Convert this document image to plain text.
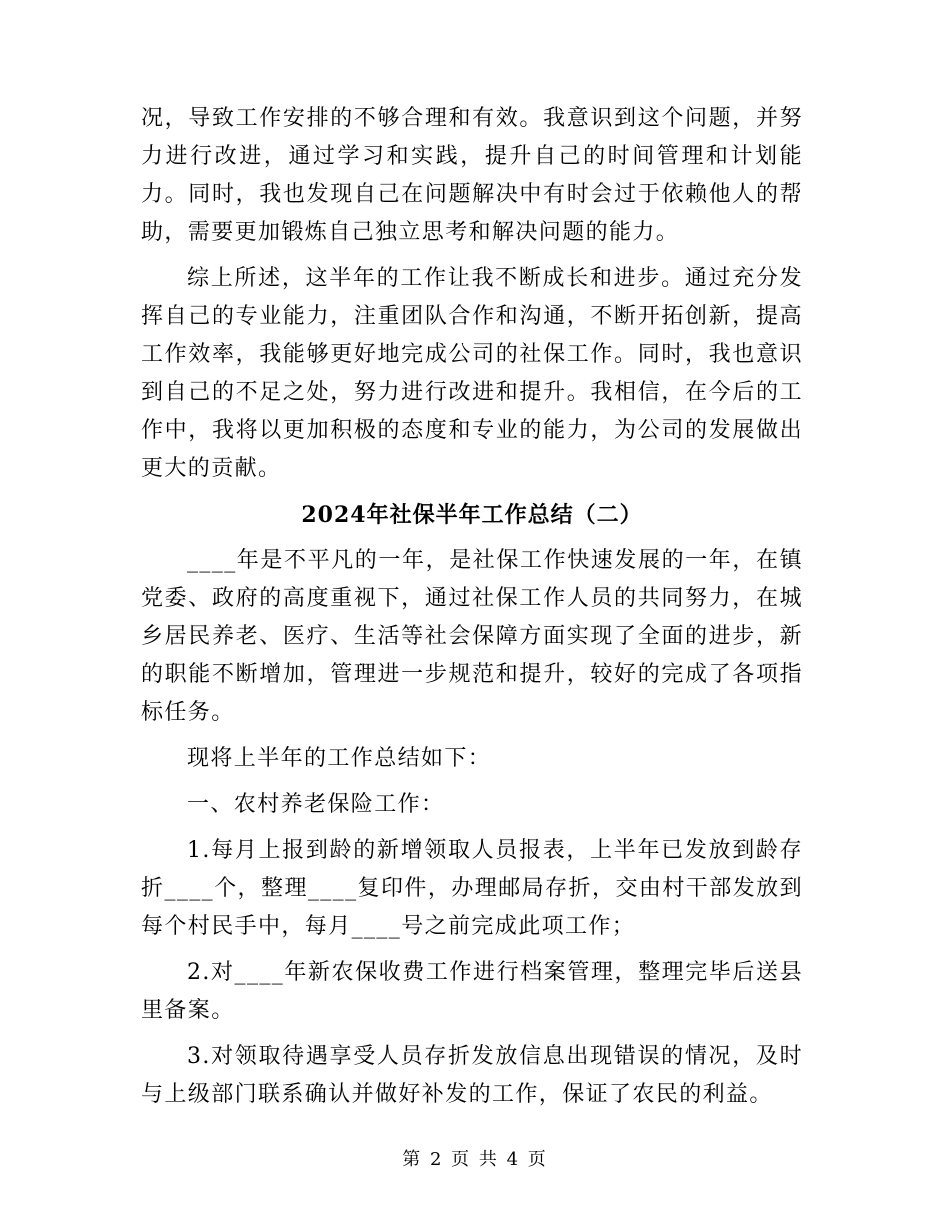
况，导致工作安排的不够合理和有效。我意识到这个问题，并努力进行改进，通过学习和实践，提升自己的时间管理和计划能力。同时，我也发现自己在问题解决中有时会过于依赖他人的帮助，需要更加锻炼自己独立思考和解决问题的能力。

综上所述，这半年的工作让我不断成长和进步。通过充分发挥自己的专业能力，注重团队合作和沟通，不断开拓创新，提高工作效率，我能够更好地完成公司的社保工作。同时，我也意识到自己的不足之处，努力进行改进和提升。我相信，在今后的工作中，我将以更加积极的态度和专业的能力，为公司的发展做出更大的贡献。

2024年社保半年工作总结（二）

____年是不平凡的一年，是社保工作快速发展的一年，在镇党委、政府的高度重视下，通过社保工作人员的共同努力，在城乡居民养老、医疗、生活等社会保障方面实现了全面的进步，新的职能不断增加，管理进一步规范和提升，较好的完成了各项指标任务。

现将上半年的工作总结如下：

一、农村养老保险工作：

1.每月上报到龄的新增领取人员报表，上半年已发放到龄存折____个，整理____复印件，办理邮局存折，交由村干部发放到每个村民手中，每月____号之前完成此项工作；

2.对____年新农保收费工作进行档案管理，整理完毕后送县里备案。

3.对领取待遇享受人员存折发放信息出现错误的情况，及时与上级部门联系确认并做好补发的工作，保证了农民的利益。

第 2 页 共 4 页
